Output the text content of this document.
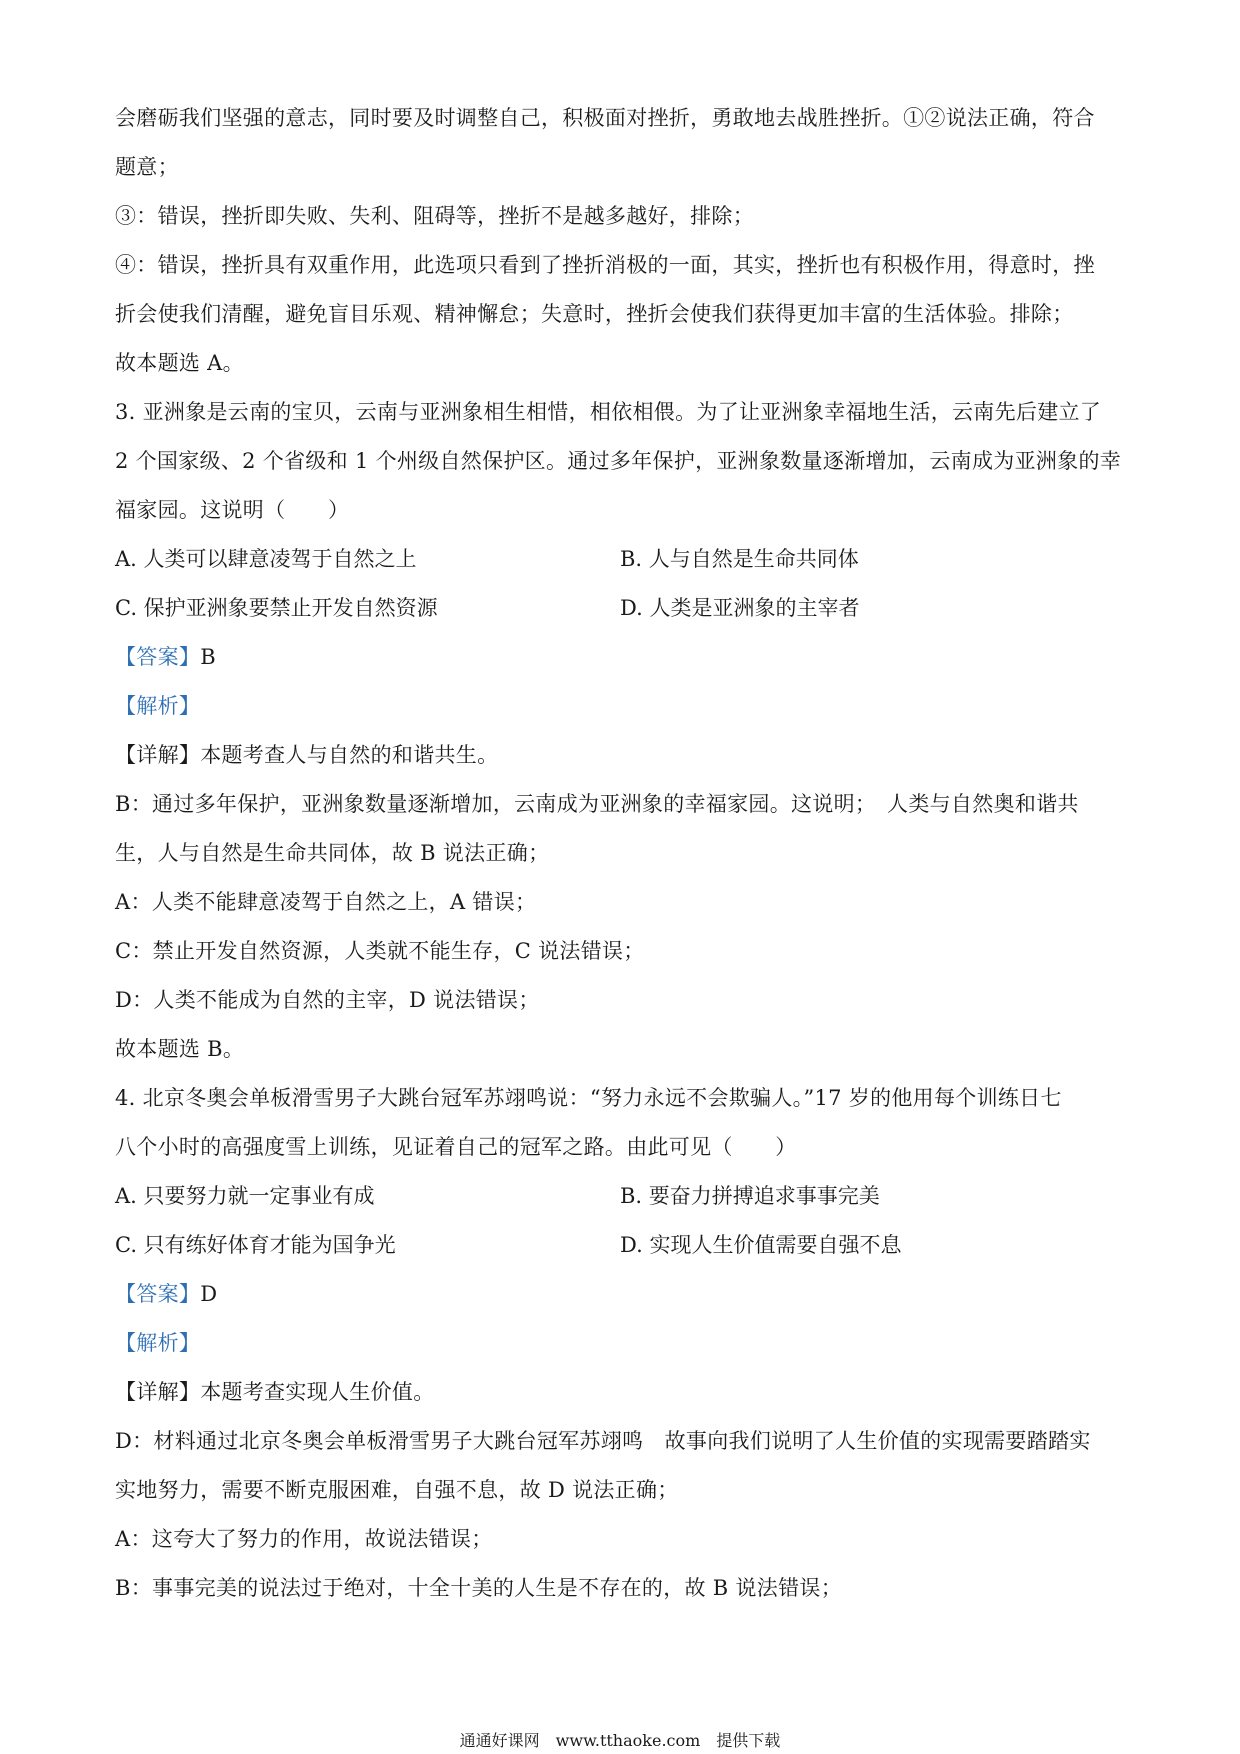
会磨砺我们坚强的意志，同时要及时调整自己，积极面对挫折，勇敢地去战胜挫折。①②说法正确，符合
题意；
③：错误，挫折即失败、失利、阻碍等，挫折不是越多越好，排除；
④：错误，挫折具有双重作用，此选项只看到了挫折消极的一面，其实，挫折也有积极作用，得意时，挫
折会使我们清醒，避免盲目乐观、精神懈怠；失意时，挫折会使我们获得更加丰富的生活体验。排除；
故本题选 A。
3. 亚洲象是云南的宝贝，云南与亚洲象相生相惜，相依相偎。为了让亚洲象幸福地生活，云南先后建立了
2 个国家级、2 个省级和 1 个州级自然保护区。通过多年保护，亚洲象数量逐渐增加，云南成为亚洲象的幸
福家园。这说明（　　）
A. 人类可以肆意凌驾于自然之上	B. 人与自然是生命共同体
C. 保护亚洲象要禁止开发自然资源	D. 人类是亚洲象的主宰者
【答案】B
【解析】
【详解】本题考查人与自然的和谐共生。
B：通过多年保护，亚洲象数量逐渐增加，云南成为亚洲象的幸福家园。这说明；　人类与自然奥和谐共
生，人与自然是生命共同体，故 B 说法正确；
A：人类不能肆意凌驾于自然之上，A 错误；
C：禁止开发自然资源，人类就不能生存，C 说法错误；
D：人类不能成为自然的主宰，D 说法错误；
故本题选 B。
4. 北京冬奥会单板滑雪男子大跳台冠军苏翊鸣说：“努力永远不会欺骗人。”17 岁的他用每个训练日七
八个小时的高强度雪上训练，见证着自己的冠军之路。由此可见（　　）
A. 只要努力就一定事业有成	B. 要奋力拼搏追求事事完美
C. 只有练好体育才能为国争光	D. 实现人生价值需要自强不息
【答案】D
【解析】
【详解】本题考查实现人生价值。
D：材料通过北京冬奥会单板滑雪男子大跳台冠军苏翊鸣　故事向我们说明了人生价值的实现需要踏踏实
实地努力，需要不断克服困难，自强不息，故 D 说法正确；
A：这夸大了努力的作用，故说法错误；
B：事事完美的说法过于绝对，十全十美的人生是不存在的，故 B 说法错误；
通通好课网　www.tthaoke.com　提供下载
